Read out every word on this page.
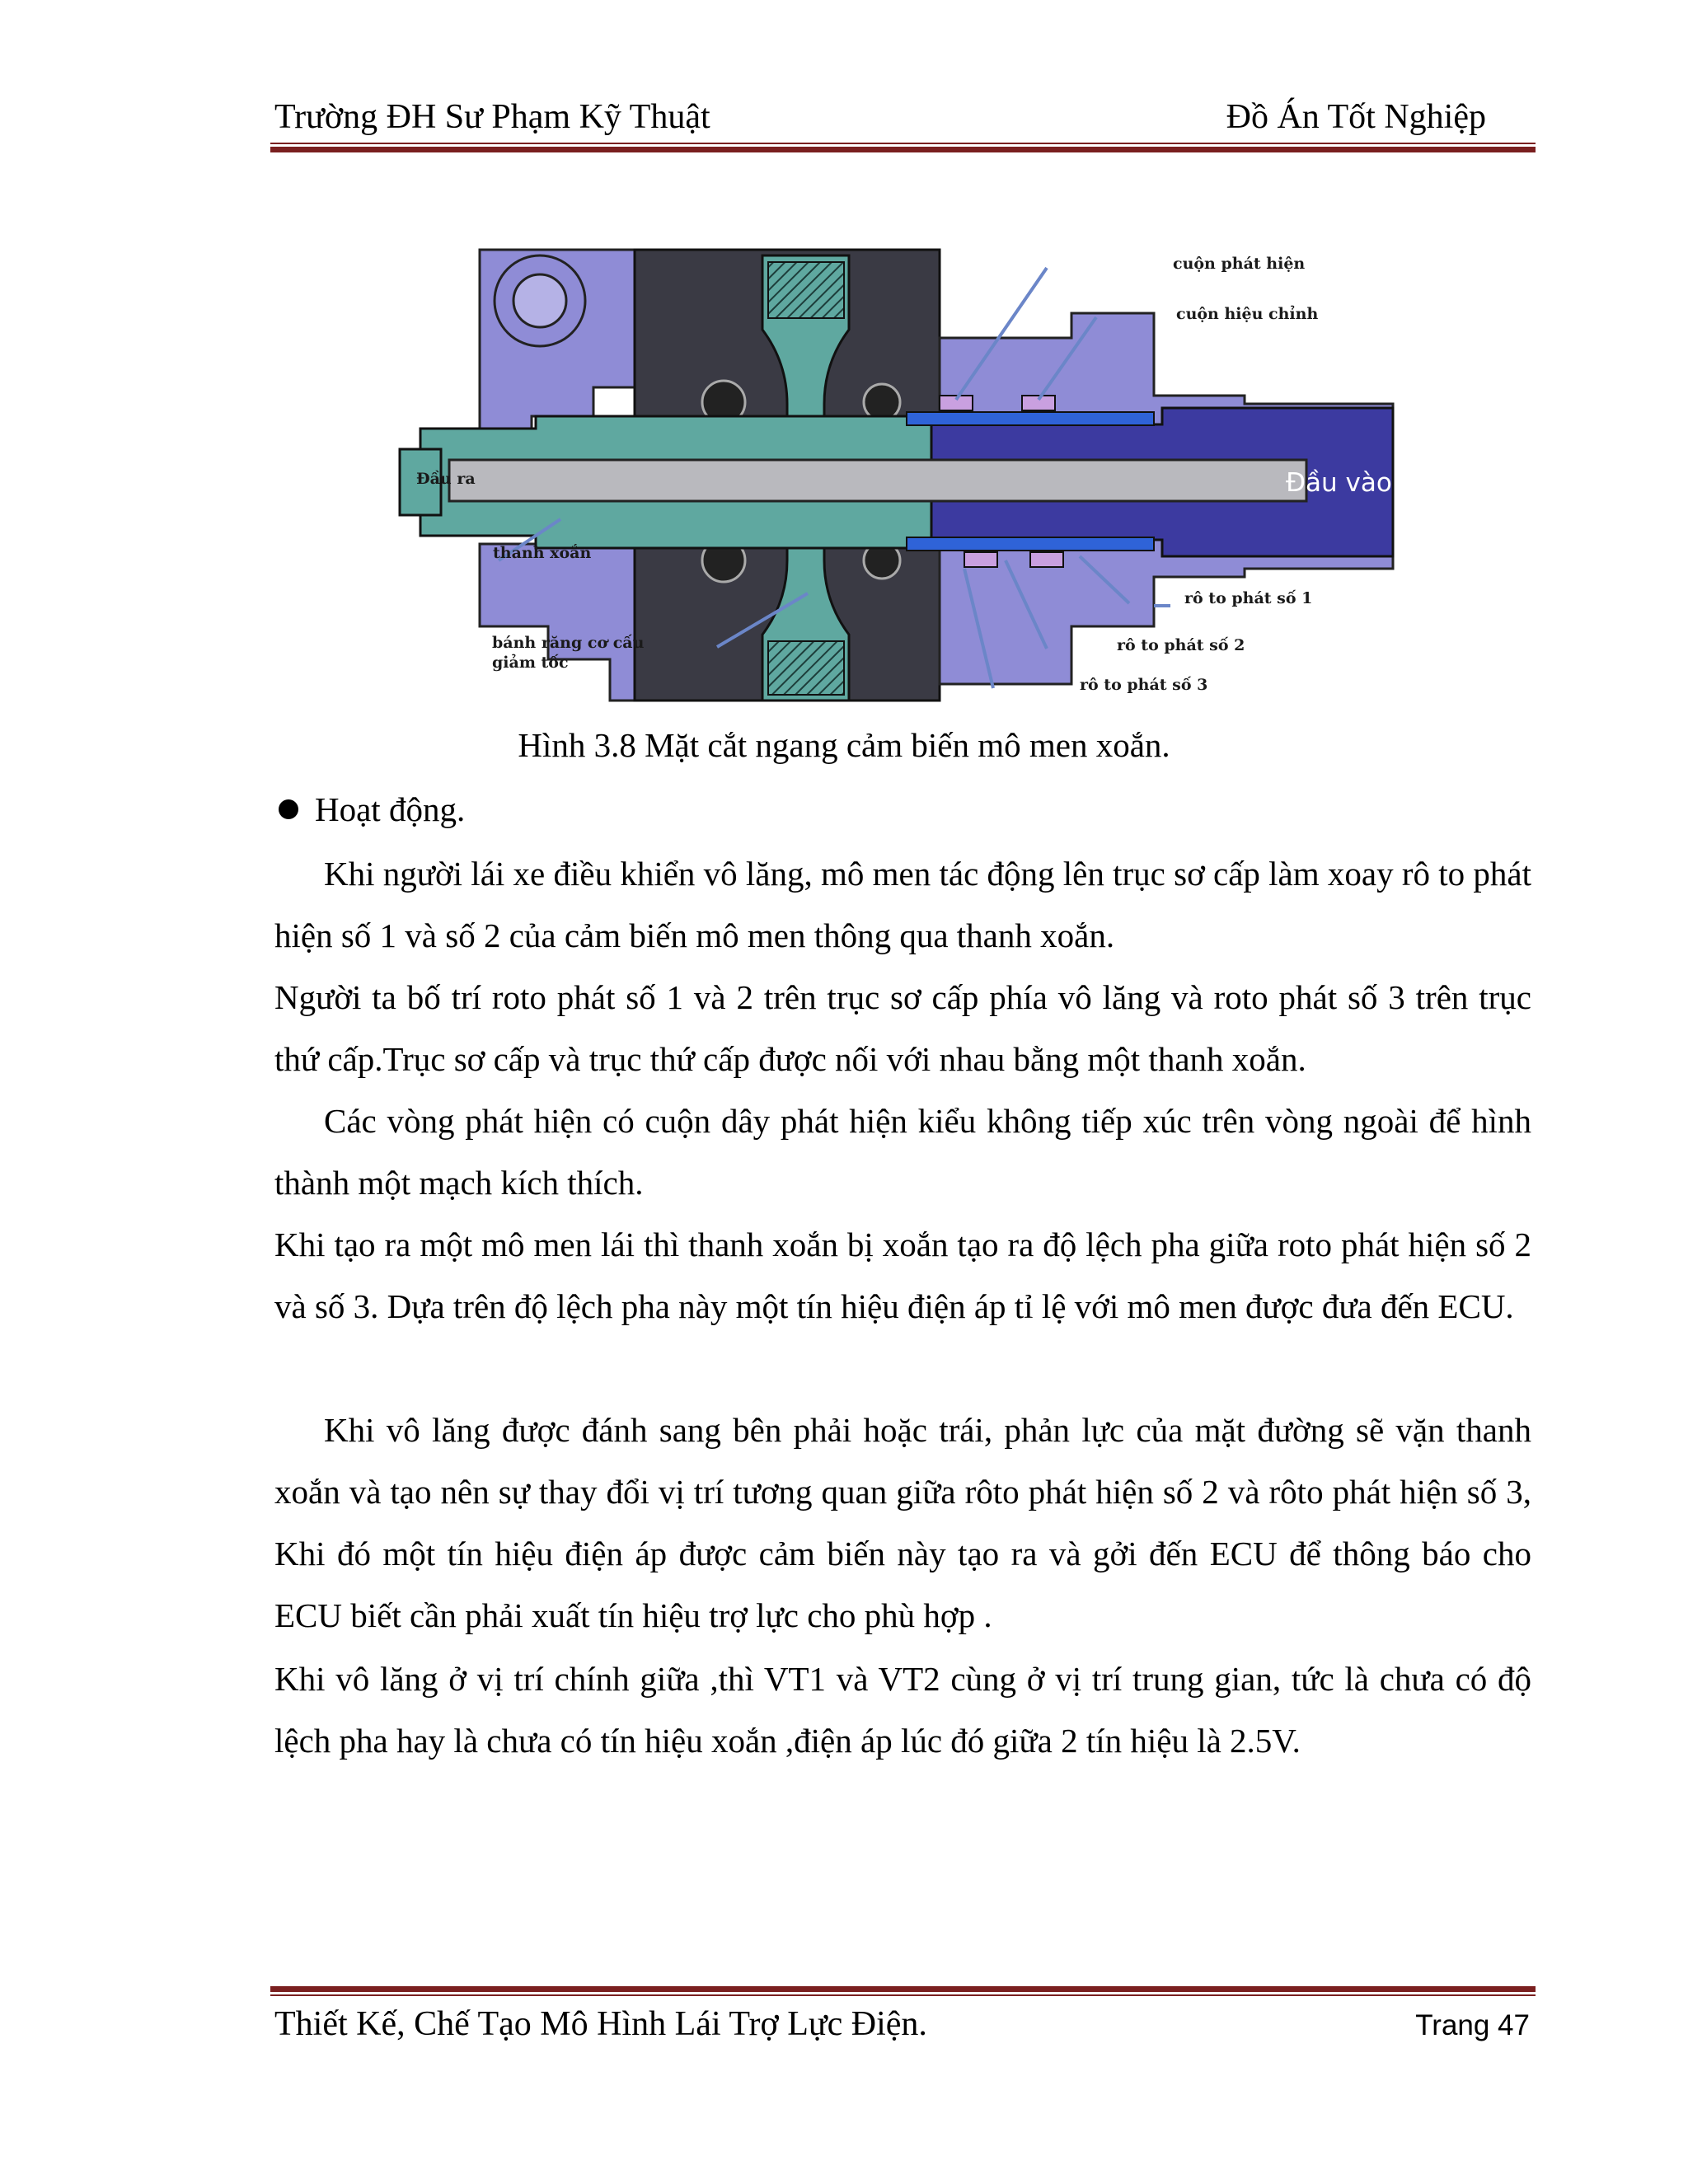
Trường ĐH Sư Phạm Kỹ Thuật	Đồ Án Tốt Nghiệp
cuộn phát hiện
cuộn hiệu chỉnh
Đầu ra	Đầu vào
thanh xoắn
rô to phát số 1
bánh răng cơ cấu
giảm tốc
rô to phát số 2
rô to phát số 3
Hình 3.8 Mặt cắt ngang cảm biến mô men xoắn.
Hoạt động.
Khi người lái xe điều khiển vô lăng, mô men tác động lên trục sơ cấp làm xoay rô to phát hiện số 1 và số 2 của cảm biến mô men thông qua thanh xoắn.
Người ta bố trí roto phát số 1 và 2 trên trục sơ cấp phía vô lăng và roto phát số 3 trên trục thứ cấp.Trục sơ cấp và trục thứ cấp được nối với nhau bằng một thanh xoắn.
Các vòng phát hiện có cuộn dây phát hiện kiểu không tiếp xúc trên vòng ngoài để hình thành một mạch kích thích.
Khi tạo ra một mô men lái thì thanh xoắn bị xoắn tạo ra độ lệch pha giữa roto phát hiện số 2 và số 3. Dựa trên độ lệch pha này một tín hiệu điện áp tỉ lệ với mô men được đưa đến ECU.
Khi vô lăng được đánh sang bên phải hoặc trái, phản lực của mặt đường sẽ vặn thanh xoắn và tạo nên sự thay đổi vị trí tương quan giữa rôto phát hiện số 2 và rôto phát hiện số 3, Khi đó một tín hiệu điện áp được cảm biến này tạo ra và gởi đến ECU để thông báo cho ECU biết cần phải xuất tín hiệu trợ lực cho phù hợp .
Khi vô lăng ở vị trí chính giữa ,thì VT1 và VT2 cùng ở vị trí trung gian, tức là chưa có độ lệch pha hay là chưa có tín hiệu xoắn ,điện áp lúc đó giữa 2 tín hiệu là 2.5V.
Thiết Kế, Chế Tạo Mô Hình Lái Trợ Lực Điện.	Trang 47
